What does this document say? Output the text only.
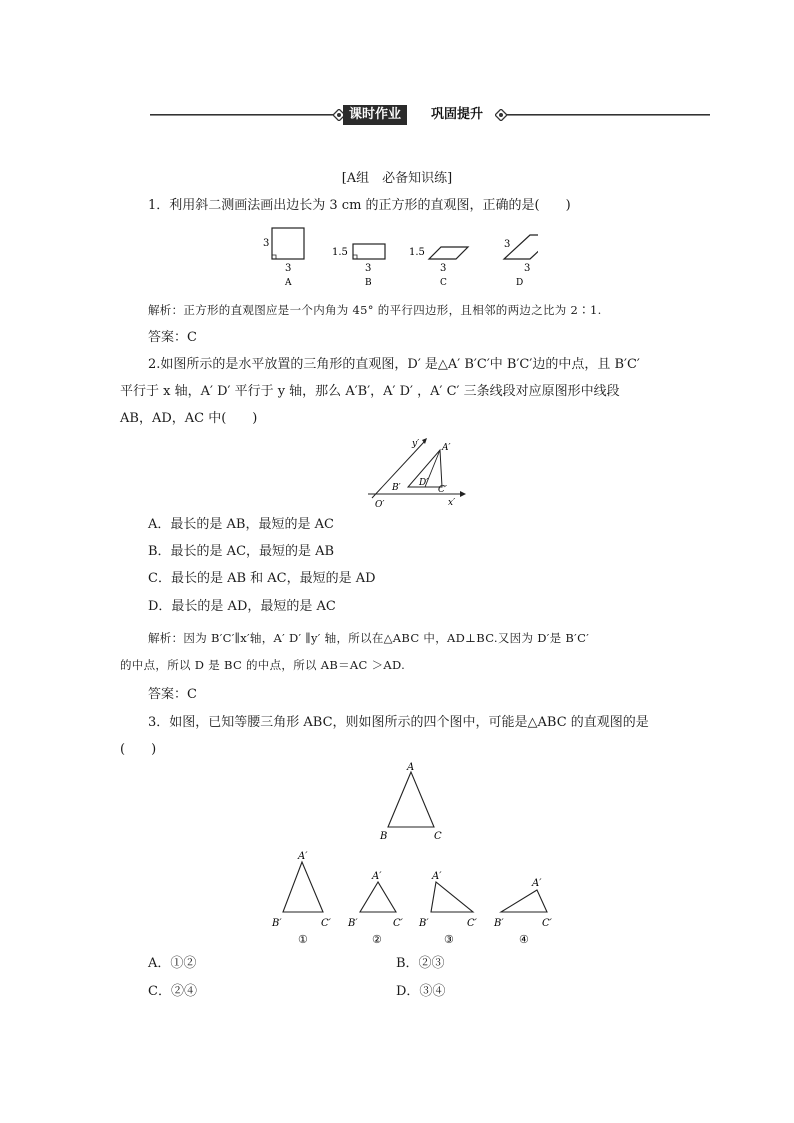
课时作业	巩固提升
[A组　必备知识练]
1．利用斜二测画法画出边长为 3 cm 的正方形的直观图，正确的是(　　)
3
3
A
1.5
3
B
1.5
3
C
3
3
D
解析：正方形的直观图应是一个内角为 45° 的平行四边形，且相邻的两边之比为 2∶1.
答案：C
2.如图所示的是水平放置的三角形的直观图，D′ 是△A′ B′C′中 B′C′边的中点，且 B′C′
平行于 x 轴，A′ D′ 平行于 y 轴，那么 A′B′，A′ D′ ，A′ C′ 三条线段对应原图形中线段
AB，AD，AC 中(　　)
y′	A′
B′ D′
C′
O′	x′
A．最长的是 AB，最短的是 AC
B．最长的是 AC，最短的是 AB
C．最长的是 AB 和 AC，最短的是 AD
D．最长的是 AD，最短的是 AC
解析：因为 B′C′∥x′轴，A′ D′ ∥y′ 轴，所以在△ABC 中，AD⊥BC.又因为 D′是 B′C′
的中点，所以 D 是 BC 的中点，所以 AB＝AC ＞AD.
答案：C
3．如图，已知等腰三角形 ABC，则如图所示的四个图中，可能是△ABC 的直观图的是
(　　)
A
B	C
A′
B′	C′
①
A′
B′	C′
②
A′
B′	C′
③
A′
B′	C′
④
A．①②	B．②③
C．②④	D．③④
